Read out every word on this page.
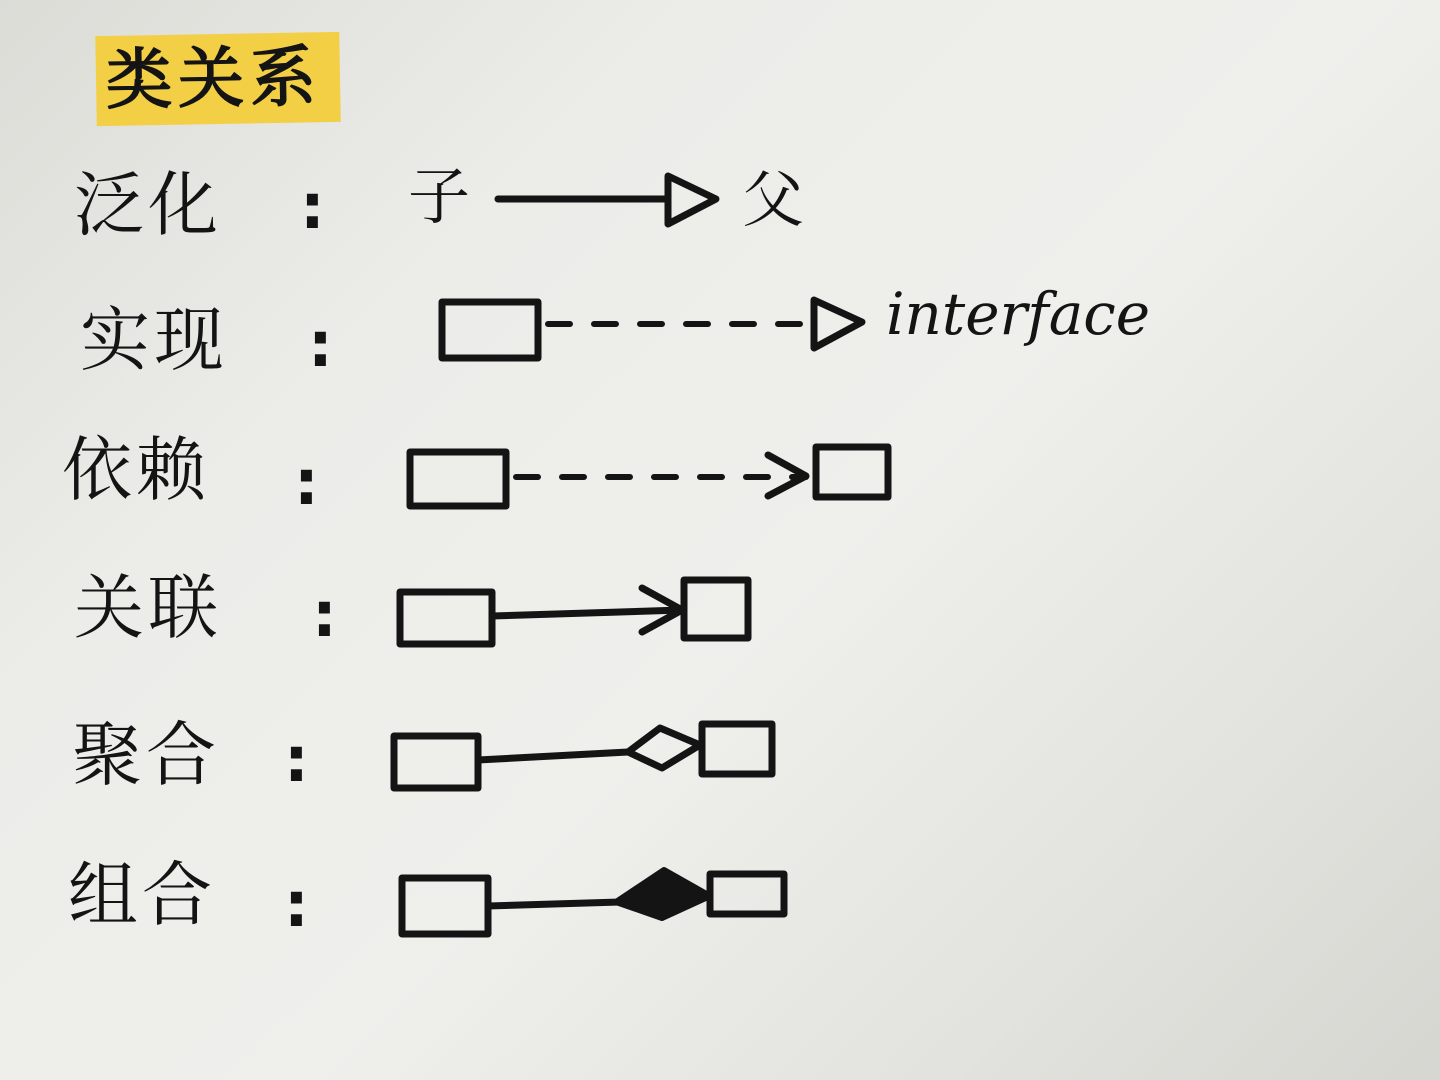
类关系
泛化
实现
依赖
关联
聚合
组合
:
:
:
:
:
:
子	父
interface
